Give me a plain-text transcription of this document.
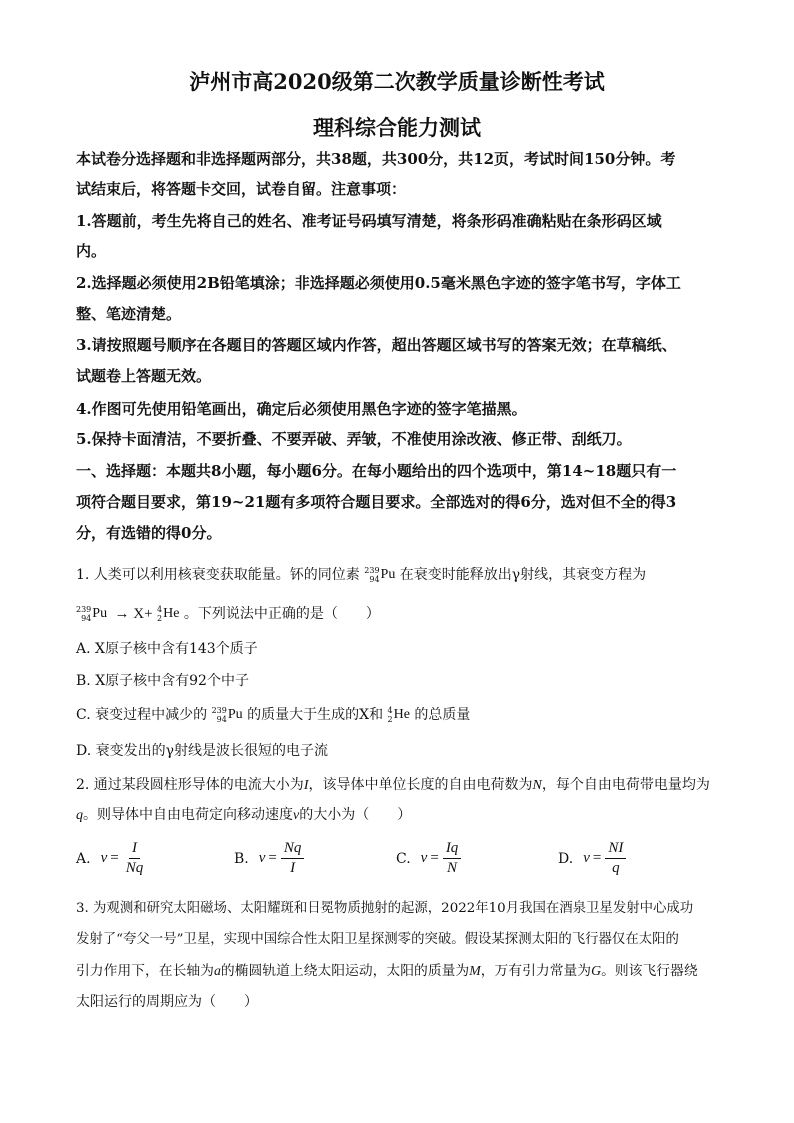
泸州市高2020级第二次教学质量诊断性考试
理科综合能力测试
本试卷分选择题和非选择题两部分，共38题，共300分，共12页，考试时间150分钟。考
试结束后，将答题卡交回，试卷自留。注意事项：
1.答题前，考生先将自己的姓名、准考证号码填写清楚，将条形码准确粘贴在条形码区域
内。
2.选择题必须使用2B铅笔填涂；非选择题必须使用0.5毫米黑色字迹的签字笔书写，字体工
整、笔迹清楚。
3.请按照题号顺序在各题目的答题区域内作答，超出答题区域书写的答案无效；在草稿纸、
试题卷上答题无效。
4.作图可先使用铅笔画出，确定后必须使用黑色字迹的签字笔描黑。
5.保持卡面清洁，不要折叠、不要弄破、弄皱，不准使用涂改液、修正带、刮纸刀。
一、选择题：本题共8小题，每小题6分。在每小题给出的四个选项中，第14~18题只有一
项符合题目要求，第19~21题有多项符合题目要求。全部选对的得6分，选对但不全的得3
分，有选错的得0分。
1. 人类可以利用核衰变获取能量。钚的同位素 239
94 Pu 在衰变时能释放出γ射线，其衰变方程为
239
94 Pu → X+ 4
2 He 。下列说法中正确的是（　　）
A. X原子核中含有143个质子
B. X原子核中含有92个中子
C. 衰变过程中减少的 239
94 Pu 的质量大于生成的X和 4
2 He 的总质量
D. 衰变发出的γ射线是波长很短的电子流
2. 通过某段圆柱形导体的电流大小为I，该导体中单位长度的自由电荷数为N，每个自由电荷带电量均为
q。则导体中自由电荷定向移动速度v的大小为（　　）
A. $v = \frac{I}{Nq}$	B. $v = \frac{Nq}{I}$	C. $v = \frac{Iq}{N}$	D. $v = \frac{NI}{q}$
3. 为观测和研究太阳磁场、太阳耀斑和日冕物质抛射的起源，2022年10月我国在酒泉卫星发射中心成功
发射了“夸父一号”卫星，实现中国综合性太阳卫星探测零的突破。假设某探测太阳的飞行器仅在太阳的
引力作用下，在长轴为a的椭圆轨道上绕太阳运动，太阳的质量为M，万有引力常量为G。则该飞行器绕
太阳运行的周期应为（　　）
